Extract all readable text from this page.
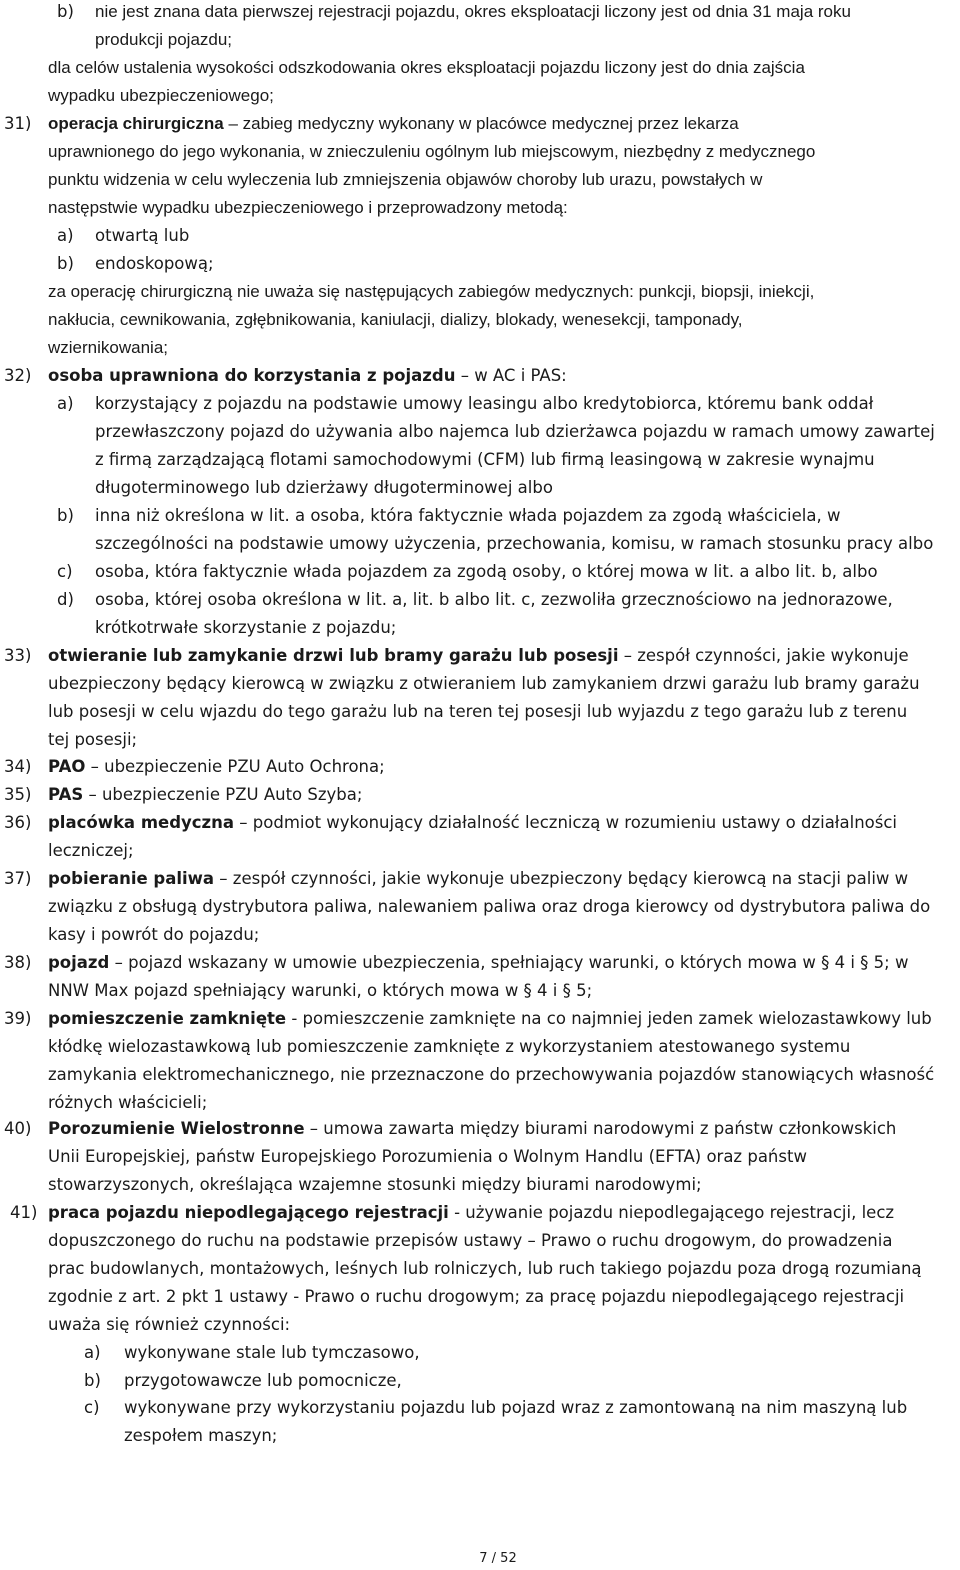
b) nie jest znana data pierwszej rejestracji pojazdu, okres eksploatacji liczony jest od dnia 31 maja roku
produkcji pojazdu;
dla celów ustalenia wysokości odszkodowania okres eksploatacji pojazdu liczony jest do dnia zajścia
wypadku ubezpieczeniowego;
31) operacja chirurgiczna – zabieg medyczny wykonany w placówce medycznej przez lekarza
uprawnionego do jego wykonania, w znieczuleniu ogólnym lub miejscowym, niezbędny z medycznego
punktu widzenia w celu wyleczenia lub zmniejszenia objawów choroby lub urazu, powstałych w
następstwie wypadku ubezpieczeniowego i przeprowadzony metodą:
a) otwartą lub
b) endoskopową;
za operację chirurgiczną nie uważa się następujących zabiegów medycznych: punkcji, biopsji, iniekcji,
nakłucia, cewnikowania, zgłębnikowania, kaniulacji, dializy, blokady, wenesekcji, tamponady,
wziernikowania;
32) osoba uprawniona do korzystania z pojazdu – w AC i PAS:
a) korzystający z pojazdu na podstawie umowy leasingu albo kredytobiorca, któremu bank oddał
przewłaszczony pojazd do używania albo najemca lub dzierżawca pojazdu w ramach umowy zawartej
z firmą zarządzającą flotami samochodowymi (CFM) lub firmą leasingową w zakresie wynajmu
długoterminowego lub dzierżawy długoterminowej albo
b) inna niż określona w lit. a osoba, która faktycznie włada pojazdem za zgodą właściciela, w
szczególności na podstawie umowy użyczenia, przechowania, komisu, w ramach stosunku pracy albo
c) osoba, która faktycznie włada pojazdem za zgodą osoby, o której mowa w lit. a albo lit. b, albo
d) osoba, której osoba określona w lit. a, lit. b albo lit. c, zezwoliła grzecznościowo na jednorazowe,
krótkotrwałe skorzystanie z pojazdu;
33) otwieranie lub zamykanie drzwi lub bramy garażu lub posesji – zespół czynności, jakie wykonuje
ubezpieczony będący kierowcą w związku z otwieraniem lub zamykaniem drzwi garażu lub bramy garażu
lub posesji w celu wjazdu do tego garażu lub na teren tej posesji lub wyjazdu z tego garażu lub z terenu
tej posesji;
34) PAO – ubezpieczenie PZU Auto Ochrona;
35) PAS – ubezpieczenie PZU Auto Szyba;
36) placówka medyczna – podmiot wykonujący działalność leczniczą w rozumieniu ustawy o działalności
leczniczej;
37) pobieranie paliwa – zespół czynności, jakie wykonuje ubezpieczony będący kierowcą na stacji paliw w
związku z obsługą dystrybutora paliwa, nalewaniem paliwa oraz droga kierowcy od dystrybutora paliwa do
kasy i powrót do pojazdu;
38) pojazd – pojazd wskazany w umowie ubezpieczenia, spełniający warunki, o których mowa w § 4 i § 5; w
NNW Max pojazd spełniający warunki, o których mowa w § 4 i § 5;
39) pomieszczenie zamknięte - pomieszczenie zamknięte na co najmniej jeden zamek wielozastawkowy lub
kłódkę wielozastawkową lub pomieszczenie zamknięte z wykorzystaniem atestowanego systemu
zamykania elektromechanicznego, nie przeznaczone do przechowywania pojazdów stanowiących własność
różnych właścicieli;
40) Porozumienie Wielostronne – umowa zawarta między biurami narodowymi z państw członkowskich
Unii Europejskiej, państw Europejskiego Porozumienia o Wolnym Handlu (EFTA) oraz państw
stowarzyszonych, określająca wzajemne stosunki między biurami narodowymi;
41) praca pojazdu niepodlegającego rejestracji - używanie pojazdu niepodlegającego rejestracji, lecz
dopuszczonego do ruchu na podstawie przepisów ustawy – Prawo o ruchu drogowym, do prowadzenia
prac budowlanych, montażowych, leśnych lub rolniczych, lub ruch takiego pojazdu poza drogą rozumianą
zgodnie z art. 2 pkt 1 ustawy - Prawo o ruchu drogowym; za pracę pojazdu niepodlegającego rejestracji
uważa się również czynności:
a) wykonywane stale lub tymczasowo,
b) przygotowawcze lub pomocnicze,
c) wykonywane przy wykorzystaniu pojazdu lub pojazd wraz z zamontowaną na nim maszyną lub
zespołem maszyn;
7 / 52
